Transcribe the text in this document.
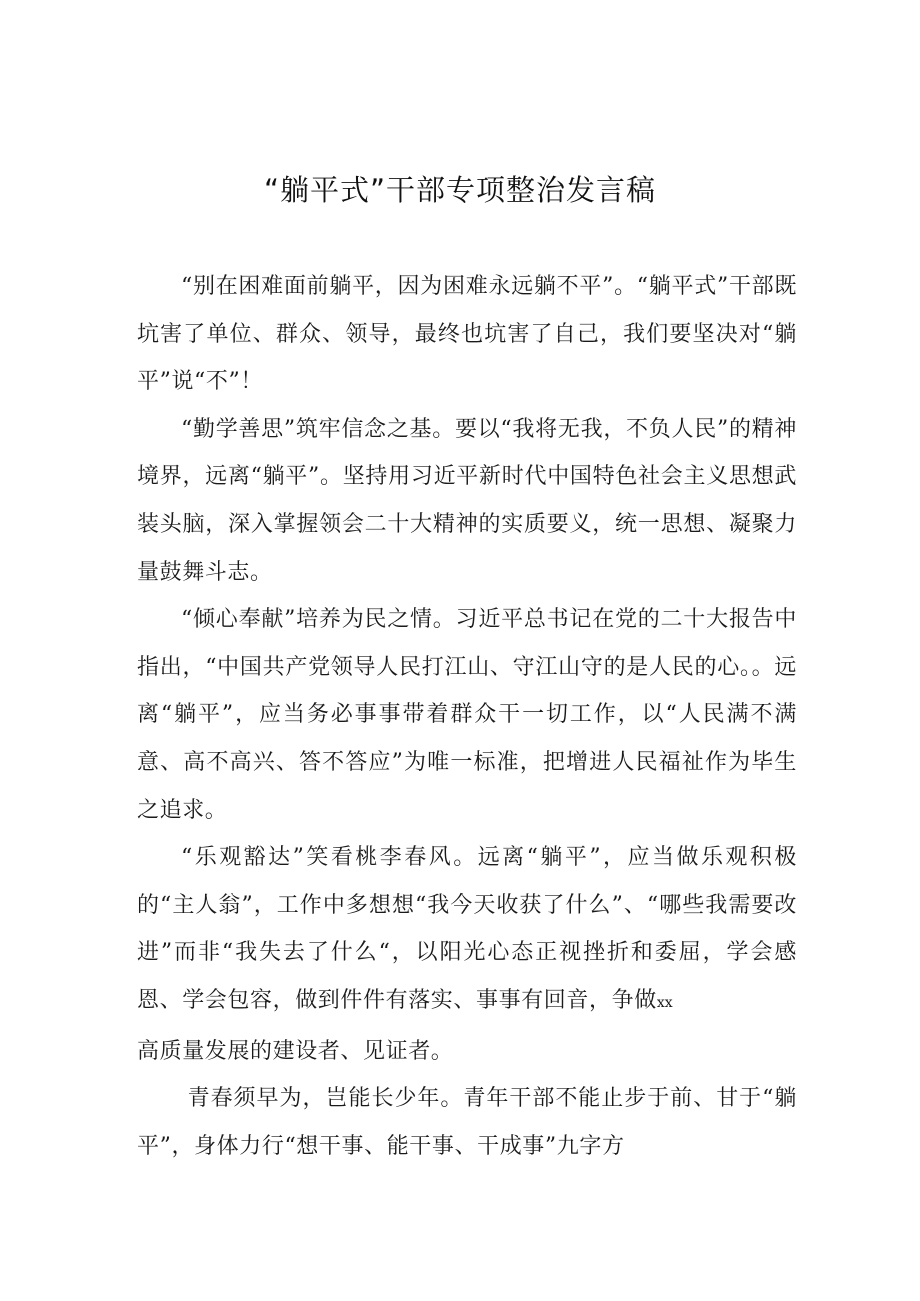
“躺平式”干部专项整治发言稿

“别在困难面前躺平，因为困难永远躺不平”。“躺平式”干部既坑害了单位、群众、领导，最终也坑害了自己，我们要坚决对“躺平”说“不”！

“勤学善思”筑牢信念之基。要以“我将无我，不负人民”的精神境界，远离“躺平”。坚持用习近平新时代中国特色社会主义思想武装头脑，深入掌握领会二十大精神的实质要义，统一思想、凝聚力量鼓舞斗志。

“倾心奉献”培养为民之情。习近平总书记在党的二十大报告中指出，“中国共产党领导人民打江山、守江山守的是人民的心。。远离“躺平”，应当务必事事带着群众干一切工作，以“人民满不满意、高不高兴、答不答应”为唯一标准，把增进人民福祉作为毕生之追求。

“乐观豁达”笑看桃李春风。远离“躺平”，应当做乐观积极的“主人翁”，工作中多想想“我今天收获了什么”、“哪些我需要改进”而非“我失去了什么“，以阳光心态正视挫折和委屈，学会感恩、学会包容，做到件件有落实、事事有回音，争做xx
高质量发展的建设者、见证者。

青春须早为，岂能长少年。青年干部不能止步于前、甘于“躺平”，身体力行“想干事、能干事、干成事”九字方
